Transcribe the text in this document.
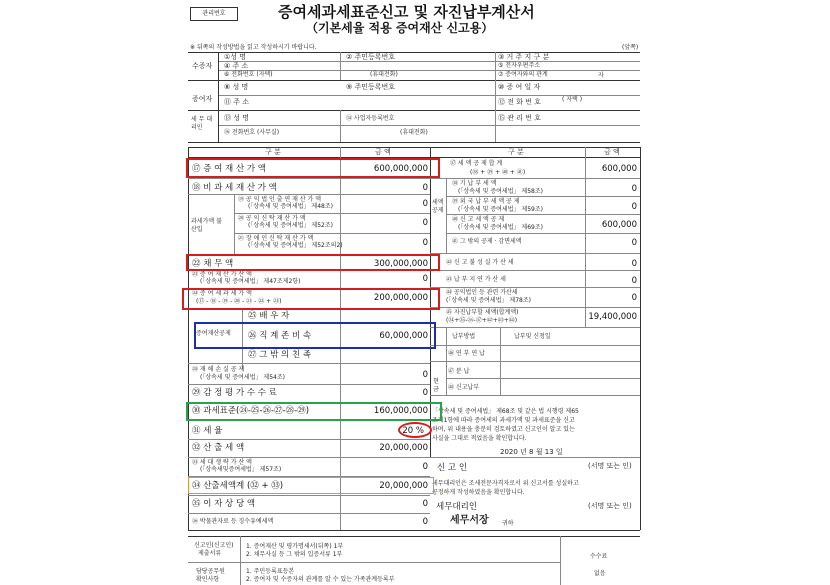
관리번호	증여세과세표준신고 및 자진납부계산서
（기본세율 적용 증여재산 신고용）
※ 뒤쪽의 작성방법을 읽고 작성하시기 바랍니다.	(앞쪽)
수증자
①성 명	② 주민등록번호	③ 거 주 지 구 분
④ 주 소	⑤ 전자우편주소
⑥ 전화번호 (자택)	(휴대전화)	⑦ 증여자와의 관계	자
증여자
⑧ 성 명	⑨ 주민등록번호	⑩ 증 여 일 자
⑪ 주 소	⑫ 전 화 번 호	( 자택 )
세 무 대리인
⑬ 성 명	⑭ 사업자등록번호	⑮ 관 리 번 호
⑯ 전화번호 (사무실)	(휴대전화)
구 분	금 액	구 분	금 액
⑰ 증 여 재 산 가 액	600,000,000
⑱ 비 과 세 재 산 가 액	0
과세가액 불산입
⑲ 공 익 법 인 출 연 재 산 가 액
(「상속세 및 증여세법」 제48조)	0
⑳ 공 익 신 탁 재 산 가 액
(「상속세 및 증여세법」 제52조)	0
㉑ 장 애 인 신 탁 재 산 가 액
(「상속세 및 증여세법」 제52조의2)	0
㉒ 채 무 액	300,000,000
㉓ 증 여 재 산 가 산 액
(「상속세 및 증여세법」 제47조제2항)	0
㉔ 증 여 세 과 세 가 액
(⑰ - ⑱ - ⑲ - ⑳ - ㉑ - ㉒ + ㉓)	200,000,000
증여재산공제
㉕ 배 우 자
㉖ 직 계 존 비 속	60,000,000
㉗ 그 밖 의 친 족
㉘ 재 해 손 실 공 제
(「상속세 및 증여세법」 제54조)	0
㉙ 감 정 평 가 수 수 료	0
㉚ 과세표준(㉔-㉕-㉖-㉗-㉘-㉙)	160,000,000
㉛ 세 율	20 %
㉜ 산 출 세 액	20,000,000
㉝ 세 대 생 략 가 산 액
(「상속세및증여세법」 제57조)	0
㉞ 산출세액계 (㉜ + ㉝)	20,000,000
㉟ 이 자 상 당 액	0
㊱ 박물관자료 등 징수유예세액	0
㊲ 세 액 공 제 합 계
(㊳ + ㊴ + ㊵ + ㊶)	600,000
세액 공제
㊳ 기 납 부 세 액
(「상속세 및 증여세법」 제58조)	0
㊴ 외 국 납 부 세 액 공 제
(「상속세 및 증여세법」 제59조)	0
㊵ 신 고 세 액 공 제
(「상속세 및 증여세법」 제69조)	600,000
㊶ 그 밖의 공제 · 감면세액	0
㊷ 신 고 불 성 실 가 산 세	0
㊸ 납 부 지 연 가 산 세	0
㊹ 공익법인 등 관련 가산세
(「상속세 및 증여세법」 제78조)	0
㊺ 자진납부할 세액(합계액)
(㉞+㉟-㊱-㊲+㊷+㊸+㊹)	19,400,000
납부방법	납부및 신청일
㊻ 연 부 연 납
현금
㊼ 분 납
㊽ 신고납부
「상속세 및 증여세법」 제68조 및 같은 법 시행령 제65
조제1항에 따라 증여세의 과세가액 및 과세표준을 신고
하며, 위 내용을 충분히 검토하였고 신고인이 알고 있는
사실을 그대로 적었음을 확인합니다.
2020 년 8 월 13 일
신 고 인	(서명 또는 인)
세무대리인은 조세전문자격자로서 위 신고서를 성실하고
공정하게 작성하였음을 확인합니다.
세무대리인	(서명 또는 인)
세무서장 귀하
신고인(신고인)
제출서류
1. 증여재산 및 평가명세서(뒤쪽) 1부
2. 채무사실 등 그 밖의 입증서류 1부
담당공무원
확인사항
1. 주민등록표등본
2. 증여자 및 수증자의 관계를 알 수 있는 가족관계등록부
수수료
없음
